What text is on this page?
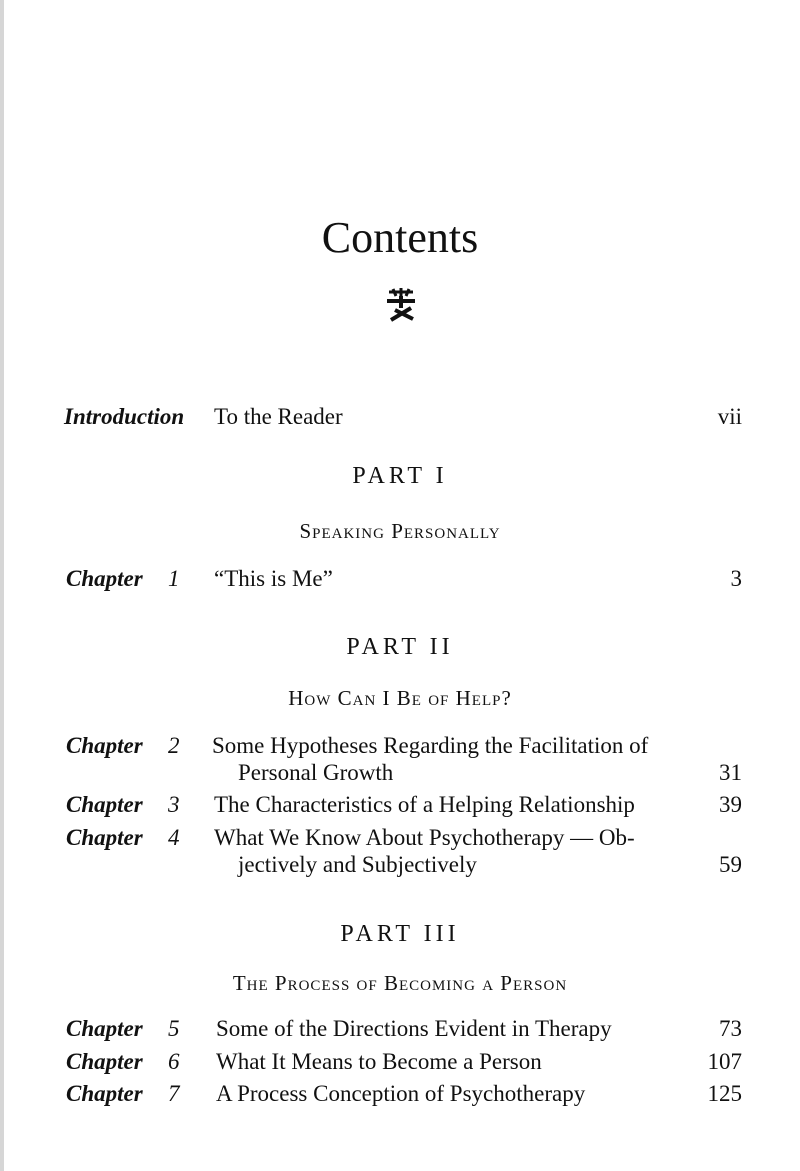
Contents
Introduction To the Reader	vii
PART I
Speaking Personally
Chapter 1 “This is Me”	3
PART II
How Can I Be of Help?
Chapter 2 Some Hypotheses Regarding the Facilitation of
Personal Growth	31
Chapter 3 The Characteristics of a Helping Relationship	39
Chapter 4 What We Know About Psychotherapy — Ob-
jectively and Subjectively	59
PART III
The Process of Becoming a Person
Chapter 5 Some of the Directions Evident in Therapy	73
Chapter 6 What It Means to Become a Person	107
Chapter 7 A Process Conception of Psychotherapy	125
